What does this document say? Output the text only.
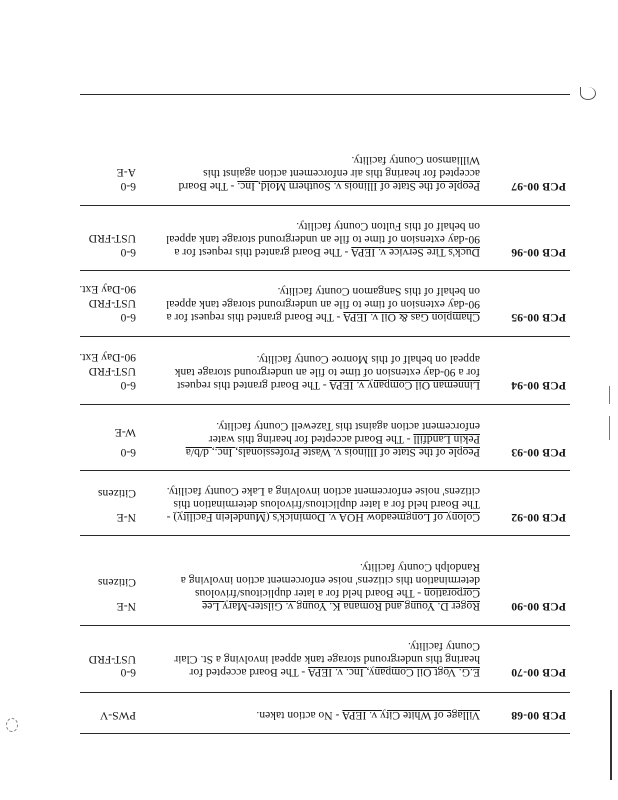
PCB 00-68
Village of White City v. IEPA - No action taken.
PWS-V
PCB 00-70
E.G. Vogt Oil Company, Inc. v. IEPA - The Board accepted for hearing this underground storage tank appeal involving a St. Clair County facility.
6-0
UST-FRD
PCB 00-90
Roger D. Young and Romana K. Young v. Gilster-Mary Lee Corporation - The Board held for a later duplicitous/frivolous determination this citizens' noise enforcement action involving a Randolph County facility.
N-E
Citizens
PCB 00-92
Colony of Longmeadow HOA v. Dominick's (Mundelein Facility) - The Board held for a later duplicitous/frivolous determination this citizens' noise enforcement action involving a Lake County facility.
N-E
Citizens
PCB 00-93
People of the State of Illinois v. Waste Professionals, Inc., d/b/a Pekin Landfill - The Board accepted for hearing this water enforcement action against this Tazewell County facility.
6-0
W-E
PCB 00-94
Linneman Oil Company v. IEPA - The Board granted this request for a 90-day extension of time to file an underground storage tank appeal on behalf of this Monroe County facility.
6-0
UST-FRD
90-Day Ext.
PCB 00-95
Champion Gas & Oil v. IEPA - The Board granted this request for a 90-day extension of time to file an underground storage tank appeal on behalf of this Sangamon County facility.
6-0
UST-FRD
90-Day Ext.
PCB 00-96
Duck's Tire Service v. IEPA - The Board granted this request for a 90-day extension of time to file an underground storage tank appeal on behalf of this Fulton County facility.
6-0
UST-FRD
PCB 00-97
People of the State of Illinois v. Southern Mold, Inc. - The Board accepted for hearing this air enforcement action against this Williamson County facility.
6-0
A-E
